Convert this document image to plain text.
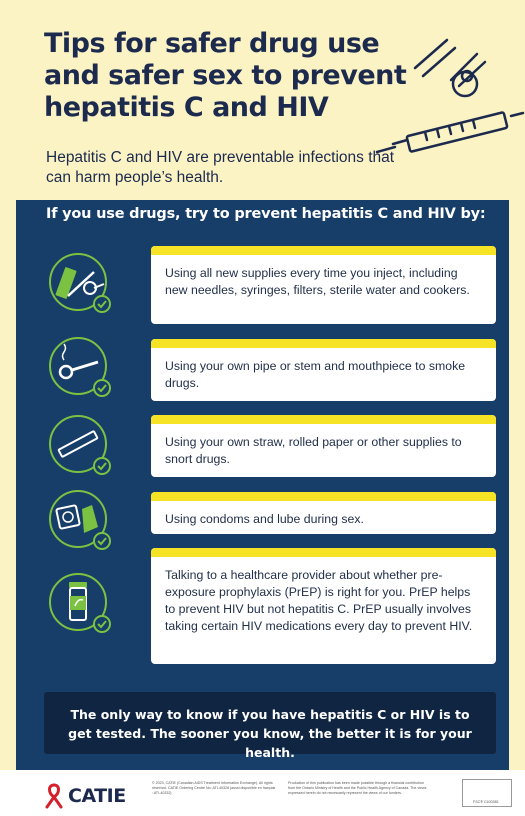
Tips for safer drug use and safer sex to prevent hepatitis C and HIV
Hepatitis C and HIV are preventable infections that can harm people’s health.
If you use drugs, try to prevent hepatitis C and HIV by:
Using all new supplies every time you inject, including new needles, syringes, filters, sterile water and cookers.
Using your own pipe or stem and mouthpiece to smoke drugs.
Using your own straw, rolled paper or other supplies to snort drugs.
Using condoms and lube during sex.
Talking to a healthcare provider about whether pre-exposure prophylaxis (PrEP) is right for you. PrEP helps to prevent HIV but not hepatitis C. PrEP usually involves taking certain HIV medications every day to prevent HIV.
The only way to know if you have hepatitis C or HIV is to get tested. The sooner you know, the better it is for your health.
CATIE
© 2023, CATIE (Canadian AIDS Treatment Information Exchange). All rights reserved. CATIE Ordering Centre No: ATI-40328 (aussi disponible en français : ATI-40332)
Production of this publication has been made possible through a financial contribution from the Ontario Ministry of Health and the Public Health Agency of Canada. The views expressed herein do not necessarily represent the views of our funders.
FSC® C100285
